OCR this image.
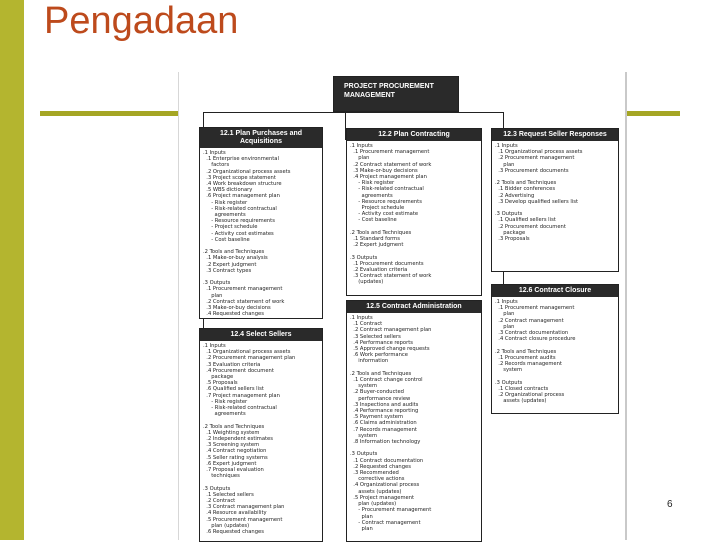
Pengadaan
PROJECT PROCUREMENT MANAGEMENT
12.1 Plan Purchases and Acquisitions
.1 Inputs
.1 Enterprise environmental
factors
.2 Organizational process assets
.3 Project scope statement
.4 Work breakdown structure
.5 WBS dictionary
.6 Project management plan
- Risk register
- Risk-related contractual
agreements
- Resource requirements
- Project schedule
- Activity cost estimates
- Cost baseline

.2 Tools and Techniques
.1 Make-or-buy analysis
.2 Expert judgment
.3 Contract types

.3 Outputs
.1 Procurement management
plan
.2 Contract statement of work
.3 Make-or-buy decisions
.4 Requested changes
12.2 Plan Contracting
.1 Inputs
.1 Procurement management
plan
.2 Contract statement of work
.3 Make-or-buy decisions
.4 Project management plan
- Risk register
- Risk-related contractual
agreements
- Resource requirements
Project schedule
- Activity cost estimate
- Cost baseline

.2 Tools and Techniques
.1 Standard forms
.2 Expert judgment

.3 Outputs
.1 Procurement documents
.2 Evaluation criteria
.3 Contract statement of work
(updates)
12.3 Request Seller Responses
.1 Inputs
.1 Organizational process assets
.2 Procurement management
plan
.3 Procurement documents

.2 Tools and Techniques
.1 Bidder conferences
.2 Advertising
.3 Develop qualified sellers list

.3 Outputs
.1 Qualified sellers list
.2 Procurement document
package
.3 Proposals
12.4 Select Sellers
.1 Inputs
.1 Organizational process assets
.2 Procurement management plan
.3 Evaluation criteria
.4 Procurement document
package
.5 Proposals
.6 Qualified sellers list
.7 Project management plan
- Risk register
- Risk-related contractual
agreements

.2 Tools and Techniques
.1 Weighting system
.2 Independent estimates
.3 Screening system
.4 Contract negotiation
.5 Seller rating systems
.6 Expert judgment
.7 Proposal evaluation
techniques

.3 Outputs
.1 Selected sellers
.2 Contract
.3 Contract management plan
.4 Resource availability
.5 Procurement management
plan (updates)
.6 Requested changes
12.5 Contract Administration
.1 Inputs
.1 Contract
.2 Contract management plan
.3 Selected sellers
.4 Performance reports
.5 Approved change requests
.6 Work performance
information

.2 Tools and Techniques
.1 Contract change control
system
.2 Buyer-conducted
performance review
.3 Inspections and audits
.4 Performance reporting
.5 Payment system
.6 Claims administration
.7 Records management
system
.8 Information technology

.3 Outputs
.1 Contract documentation
.2 Requested changes
.3 Recommended
corrective actions
.4 Organizational process
assets (updates)
.5 Project management
plan (updates)
- Procurement management
plan
- Contract management
plan
12.6 Contract Closure
.1 Inputs
.1 Procurement management
plan
.2 Contract management
plan
.3 Contract documentation
.4 Contract closure procedure

.2 Tools and Techniques
.1 Procurement audits
.2 Records management
system

.3 Outputs
.1 Closed contracts
.2 Organizational process
assets (updates)
6
